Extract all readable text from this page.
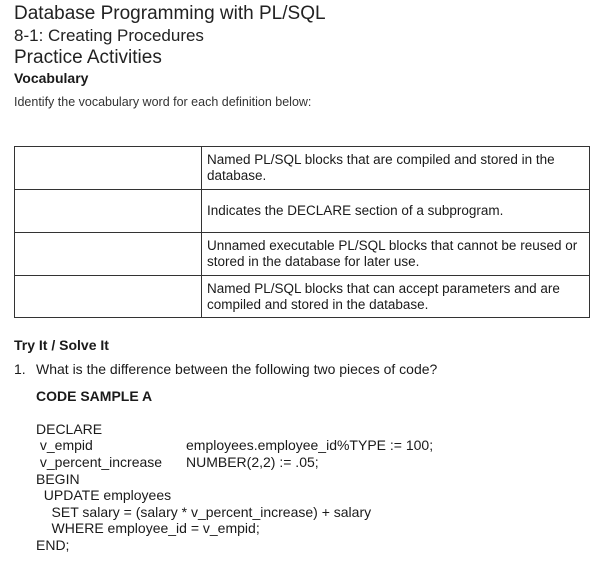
Database Programming with PL/SQL
8-1: Creating Procedures
Practice Activities
Vocabulary
Identify the vocabulary word for each definition below:
	Named PL/SQL blocks that are compiled and stored in the database.
	Indicates the DECLARE section of a subprogram.
	Unnamed executable PL/SQL blocks that cannot be reused or stored in the database for later use.
	Named PL/SQL blocks that can accept parameters and are compiled and stored in the database.
Try It / Solve It
1. What is the difference between the following two pieces of code?
CODE SAMPLE A
DECLARE
v_empid	employees.employee_id%TYPE := 100;
v_percent_increase NUMBER(2,2) := .05;
BEGIN
UPDATE employees
SET salary = (salary * v_percent_increase) + salary
WHERE employee_id = v_empid;
END;
